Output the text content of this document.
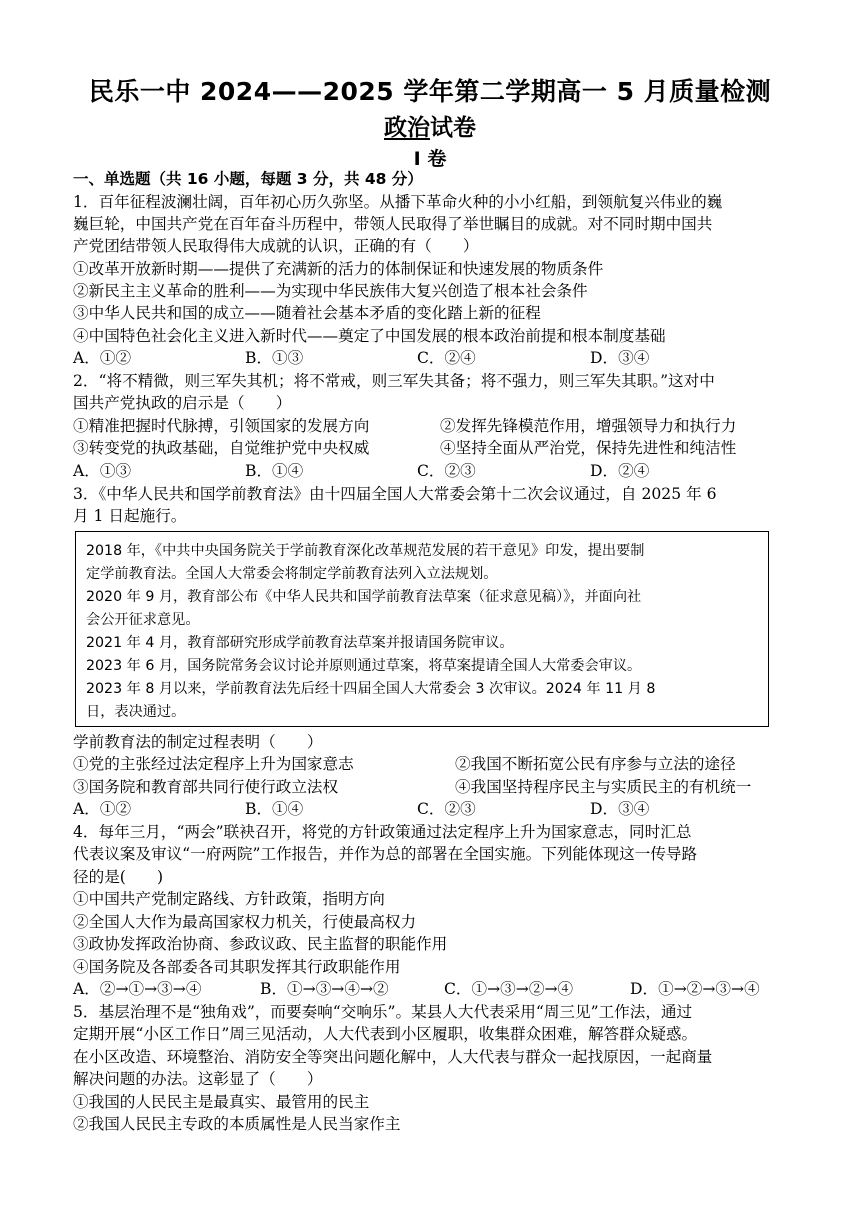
民乐一中 2024——2025 学年第二学期高一 5 月质量检测
政治试卷
I 卷
一、单选题（共 16 小题，每题 3 分，共 48 分）
1．百年征程波澜壮阔，百年初心历久弥坚。从播下革命火种的小小红船，到领航复兴伟业的巍
巍巨轮，中国共产党在百年奋斗历程中，带领人民取得了举世瞩目的成就。对不同时期中国共
产党团结带领人民取得伟大成就的认识，正确的有（　　）
①改革开放新时期——提供了充满新的活力的体制保证和快速发展的物质条件
②新民主主义革命的胜利——为实现中华民族伟大复兴创造了根本社会条件
③中华人民共和国的成立——随着社会基本矛盾的变化踏上新的征程
④中国特色社会化主义进入新时代——奠定了中国发展的根本政治前提和根本制度基础
A．①②	B．①③	C．②④	D．③④
2．“将不精微，则三军失其机；将不常戒，则三军失其备；将不强力，则三军失其职。”这对中
国共产党执政的启示是（　　）
①精准把握时代脉搏，引领国家的发展方向	②发挥先锋模范作用，增强领导力和执行力
③转变党的执政基础，自觉维护党中央权威	④坚持全面从严治党，保持先进性和纯洁性
A．①③	B．①④	C．②③	D．②④
3．《中华人民共和国学前教育法》由十四届全国人大常委会第十二次会议通过，自 2025 年 6
月 1 日起施行。
2018 年，《中共中央国务院关于学前教育深化改革规范发展的若干意见》印发，提出要制
定学前教育法。全国人大常委会将制定学前教育法列入立法规划。
2020 年 9 月，教育部公布《中华人民共和国学前教育法草案（征求意见稿）》，并面向社
会公开征求意见。
2021 年 4 月，教育部研究形成学前教育法草案并报请国务院审议。
2023 年 6 月，国务院常务会议讨论并原则通过草案，将草案提请全国人大常委会审议。
2023 年 8 月以来，学前教育法先后经十四届全国人大常委会 3 次审议。2024 年 11 月 8
日，表决通过。
学前教育法的制定过程表明（　　）
①党的主张经过法定程序上升为国家意志	②我国不断拓宽公民有序参与立法的途径
③国务院和教育部共同行使行政立法权	④我国坚持程序民主与实质民主的有机统一
A．①②	B．①④	C．②③	D．③④
4．每年三月，“两会”联袂召开，将党的方针政策通过法定程序上升为国家意志，同时汇总
代表议案及审议“一府两院”工作报告，并作为总的部署在全国实施。下列能体现这一传导路
径的是(　　)
①中国共产党制定路线、方针政策，指明方向
②全国人大作为最高国家权力机关，行使最高权力
③政协发挥政治协商、参政议政、民主监督的职能作用
④国务院及各部委各司其职发挥其行政职能作用
A．②→①→③→④	B．①→③→④→②	C．①→③→②→④	D．①→②→③→④
5．基层治理不是“独角戏”，而要奏响“交响乐”。某县人大代表采用“周三见”工作法，通过
定期开展“小区工作日”周三见活动，人大代表到小区履职，收集群众困难，解答群众疑惑。
在小区改造、环境整治、消防安全等突出问题化解中，人大代表与群众一起找原因，一起商量
解决问题的办法。这彰显了（　　）
①我国的人民民主是最真实、最管用的民主
②我国人民民主专政的本质属性是人民当家作主
